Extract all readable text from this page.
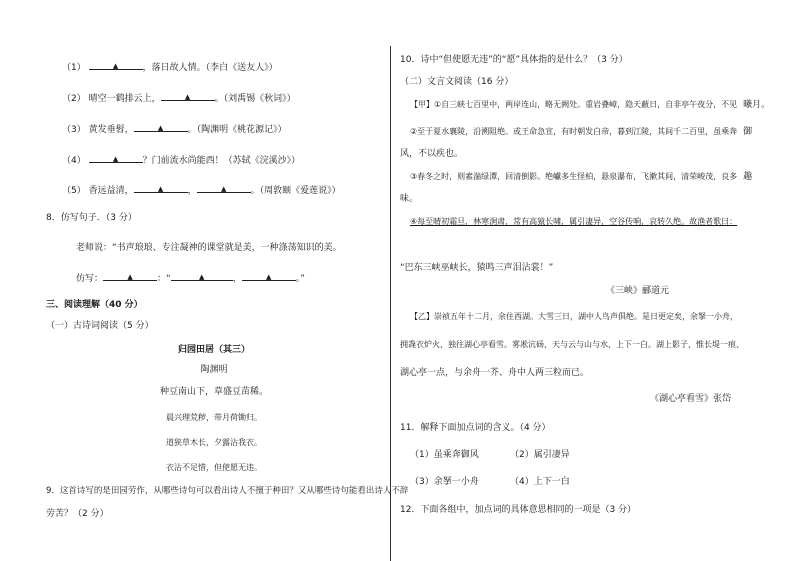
（1） ▲	，落日故人情。（李白《送友人》）
（2） 晴空一鹤排云上， ▲	。（刘禹锡《秋词》）
（3） 黄发垂髫， ▲	。（陶渊明《桃花源记》）
（4） ▲	？门前流水尚能西！（苏轼《浣溪沙》）
（5） 香远益清， ▲	， ▲	。（周敦颐《爱莲说》）
8．仿写句子．（3 分）
老师说：“书声琅琅、专注凝神的课堂就是美，一种涤荡知识的美。
仿写： ▲	：“ ▲	， ▲	。”
三、阅读理解（40 分）
（一）古诗词阅读（5 分）
归园田居（其三）
陶渊明
种豆南山下，草盛豆苗稀。
晨兴理荒秽，带月荷锄归。
道狭草木长，夕露沾我衣。
衣沾不足惜，但使愿无违。
9．这首诗写的是田园劳作，从哪些诗句可以看出诗人不擅于种田？又从哪些诗句能看出诗人不辞
劳苦？（2 分）
10．诗中“但使愿无违”的“愿”具体指的是什么？（3 分）
（二）文言文阅读（16 分）
【甲】①自三峡七百里中，两岸连山，略无阙处。重岩叠嶂，隐天蔽日，自非亭午夜分，不见 曦月。
②至于夏水襄陵，沿溯阻绝。或王命急宣，有时朝发白帝，暮到江陵，其间千二百里，虽乘奔 御
风，不以疾也。
③春冬之时，则素湍绿潭，回清倒影。绝巘多生怪柏，悬泉瀑布，飞漱其间，清荣峻茂，良多 趣
味。
④每至晴初霜旦，林寒涧肃，常有高猿长啸，属引凄异，空谷传响，哀转久绝。故渔者歌曰：
“巴东三峡巫峡长，猿鸣三声泪沾裳！”
《三峡》郦道元
【乙】崇祯五年十二月，余住西湖。大雪三日，湖中人鸟声俱绝。是日更定矣，余拏一小舟，
拥毳衣炉火，独往湖心亭看雪。雾凇沆砀，天与云与山与水，上下一白。湖上影子，惟长堤一痕、
湖心亭一点，与余舟一芥、舟中人两三粒而已。
《湖心亭看雪》张岱
11．解释下面加点词的含义。（4 分）
（1）虽乘奔御风	（2）属引凄异
（3）余拏一小舟	（4）上下一白
12．下面各组中，加点词的具体意思相同的一项是（3 分）
